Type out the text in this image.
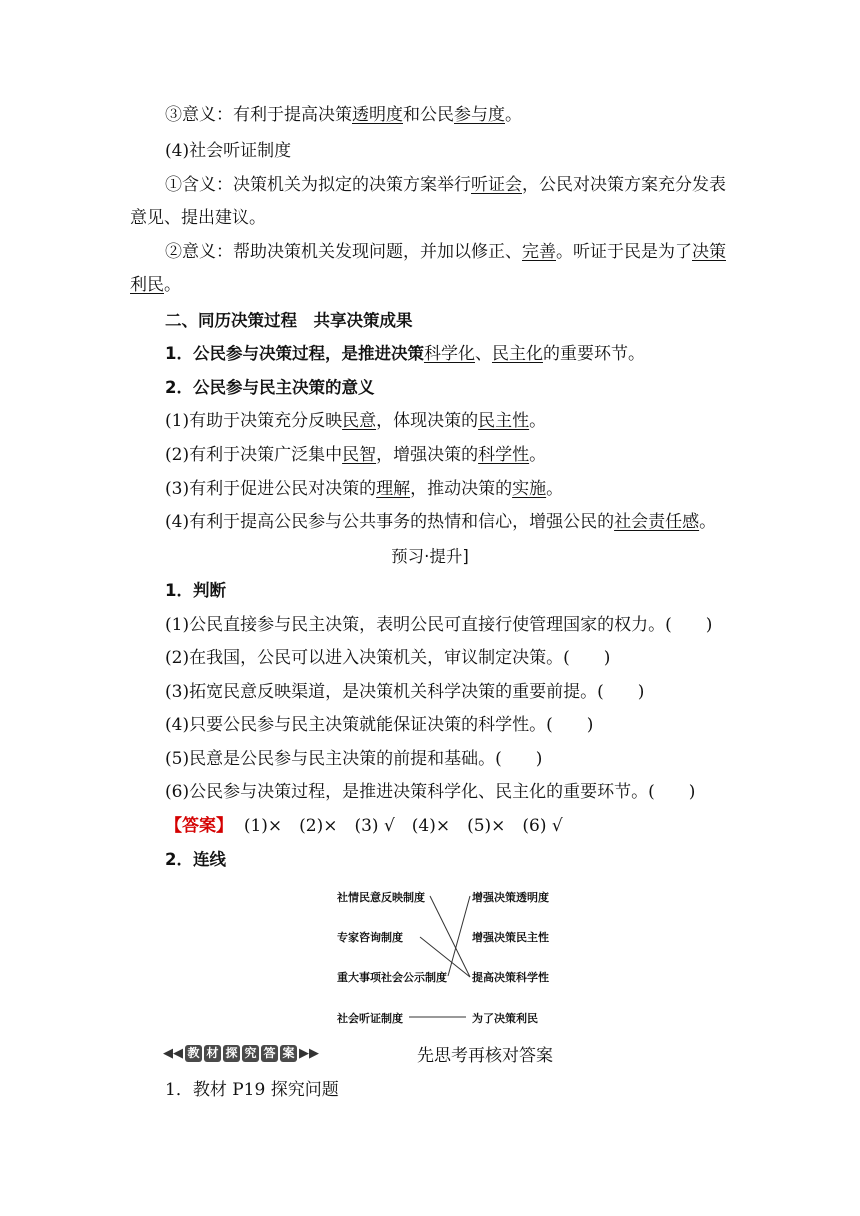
③意义：有利于提高决策透明度和公民参与度。
(4)社会听证制度
①含义：决策机关为拟定的决策方案举行听证会，公民对决策方案充分发表
意见、提出建议。
②意义：帮助决策机关发现问题，并加以修正、完善。听证于民是为了决策
利民。
二、同历决策过程　共享决策成果
1．公民参与决策过程，是推进决策科学化、民主化的重要环节。
2．公民参与民主决策的意义
(1)有助于决策充分反映民意，体现决策的民主性。
(2)有利于决策广泛集中民智，增强决策的科学性。
(3)有利于促进公民对决策的理解，推动决策的实施。
(4)有利于提高公民参与公共事务的热情和信心，增强公民的社会责任感。
预习·提升]
1．判断
(1)公民直接参与民主决策，表明公民可直接行使管理国家的权力。(　　)
(2)在我国，公民可以进入决策机关，审议制定决策。(　　)
(3)拓宽民意反映渠道，是决策机关科学决策的重要前提。(　　)
(4)只要公民参与民主决策就能保证决策的科学性。(　　)
(5)民意是公民参与民主决策的前提和基础。(　　)
(6)公民参与决策过程，是推进决策科学化、民主化的重要环节。(　　)
【答案】 (1)×　(2)×　(3) √　(4)×　(5)×　(6) √
2．连线
社情民意反映制度
专家咨询制度
重大事项社会公示制度
社会听证制度
增强决策透明度
增强决策民主性
提高决策科学性
为了决策利民
◀◀ 教 材 探 究 答 案 ▶▶	先思考再核对答案
1．教材 P19 探究问题
